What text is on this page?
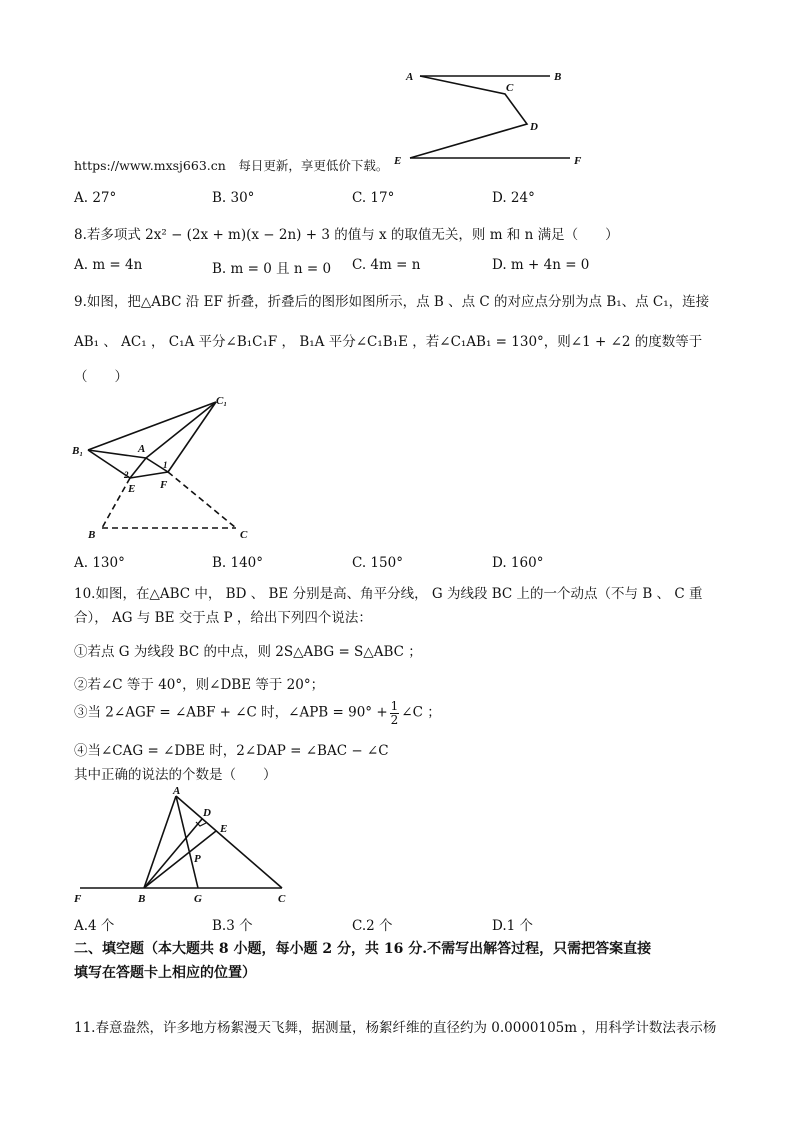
A	B
C
D
E	F
https://www.mxsj663.cn　每日更新，享更低价下载。
A. 27°	B. 30°	C. 17°	D. 24°
8.若多项式 2x² − (2x + m)(x − 2n) + 3 的值与 x 的取值无关，则 m 和 n 满足（　　）
A. m = 4n	B. m = 0 且 n = 0 C. 4m = n	D. m + 4n = 0
9.如图，把△ABC 沿 EF 折叠，折叠后的图形如图所示，点 B 、点 C 的对应点分别为点 B₁、点 C₁，连接
AB₁ 、 AC₁ ， C₁A 平分∠B₁C₁F ， B₁A 平分∠C₁B₁E ，若∠C₁AB₁ = 130°，则∠1 + ∠2 的度数等于
（　　）
C₁
B₁	A
2
1
E F
B	C
A. 130°	B. 140°	C. 150°	D. 160°
10.如图，在△ABC 中， BD 、 BE 分别是高、角平分线， G 为线段 BC 上的一个动点（不与 B 、 C 重
合）， AG 与 BE 交于点 P ，给出下列四个说法：
①若点 G 为线段 BC 的中点，则 2S△ABG = S△ABC ；
②若∠C 等于 40°，则∠DBE 等于 20°；
③当 2∠AGF = ∠ABF + ∠C 时，∠APB = $90^\circ + \frac{1}{2}$ ∠C ；
④当∠CAG = ∠DBE 时，2∠DAP = ∠BAC − ∠C
其中正确的说法的个数是（　　）
A
D
E
P
F	B	G	C
A.4 个	B.3 个	C.2 个	D.1 个
二、填空题（本大题共 8 小题，每小题 2 分，共 16 分.不需写出解答过程，只需把答案直接
填写在答题卡上相应的位置）
11.春意盎然，许多地方杨絮漫天飞舞，据测量，杨絮纤维的直径约为 0.0000105m ，用科学计数法表示杨
